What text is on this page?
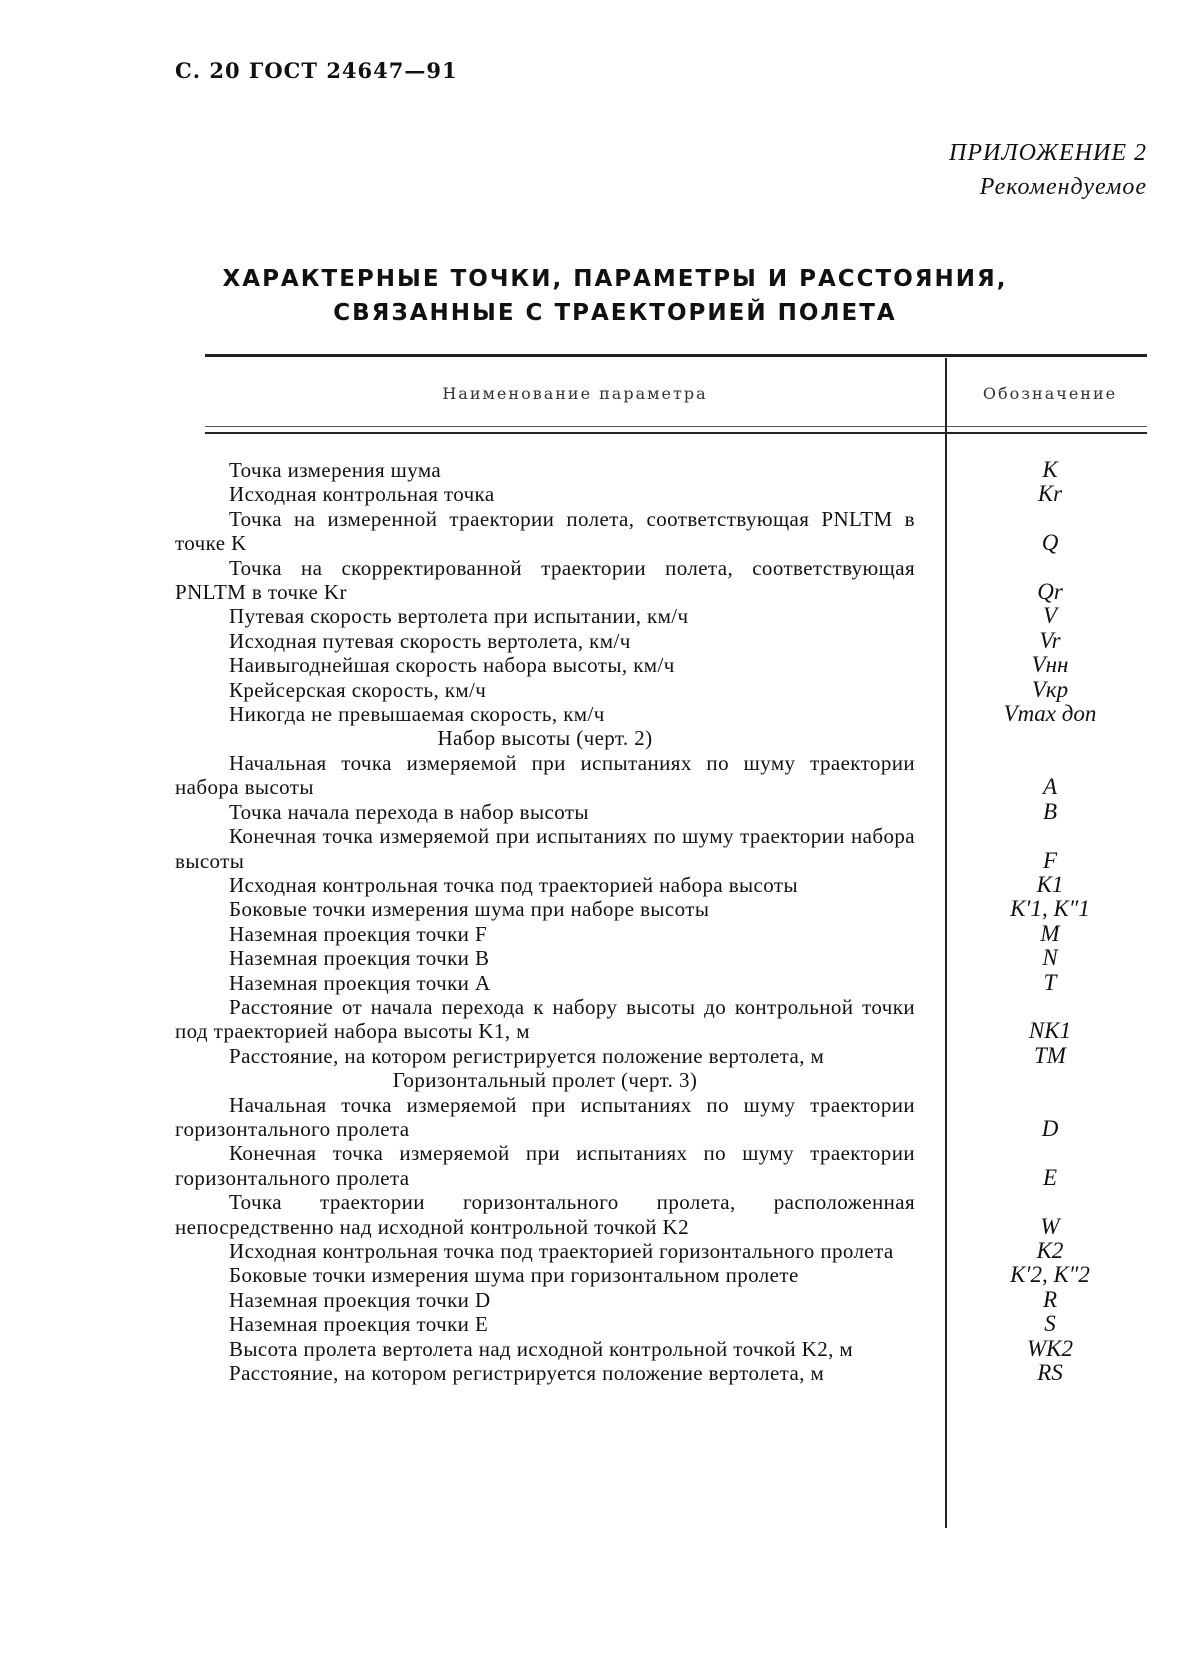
С. 20 ГОСТ 24647—91
ПРИЛОЖЕНИЕ 2
Рекомендуемое
ХАРАКТЕРНЫЕ ТОЧКИ, ПАРАМЕТРЫ И РАССТОЯНИЯ,
СВЯЗАННЫЕ С ТРАЕКТОРИЕЙ ПОЛЕТА
Наименование параметра	Обозначение
Точка измерения шума	K
Исходная контрольная точка	Kr
Точка на измеренной траектории полета, соответствующая PNLTM в точке K	Q
Точка на скорректированной траектории полета, соответствующая PNLTM в точке Kr	Qr
Путевая скорость вертолета при испытании, км/ч	V
Исходная путевая скорость вертолета, км/ч	Vr
Наивыгоднейшая скорость набора высоты, км/ч	Vнн
Крейсерская скорость, км/ч	Vкр
Никогда не превышаемая скорость, км/ч	Vmax доп
Набор высоты (черт. 2)
Начальная точка измеряемой при испытаниях по шуму траектории набора высоты	A
Точка начала перехода в набор высоты	B
Конечная точка измеряемой при испытаниях по шуму траектории набора высоты	F
Исходная контрольная точка под траекторией набора высоты	K1
Боковые точки измерения шума при наборе высоты	K′1, K″1
Наземная проекция точки F	M
Наземная проекция точки B	N
Наземная проекция точки A	T
Расстояние от начала перехода к набору высоты до контрольной точки под траекторией набора высоты K1, м	NK1
Расстояние, на котором регистрируется положение вертолета, м	TM
Горизонтальный пролет (черт. 3)
Начальная точка измеряемой при испытаниях по шуму траектории горизонтального пролета	D
Конечная точка измеряемой при испытаниях по шуму траектории горизонтального пролета	E
Точка траектории горизонтального пролета, расположенная непосредственно над исходной контрольной точкой K2	W
Исходная контрольная точка под траекторией горизонтального пролета	K2
Боковые точки измерения шума при горизонтальном пролете	K′2, K″2
Наземная проекция точки D	R
Наземная проекция точки E	S
Высота пролета вертолета над исходной контрольной точкой K2, м	WK2
Расстояние, на котором регистрируется положение вертолета, м	RS
